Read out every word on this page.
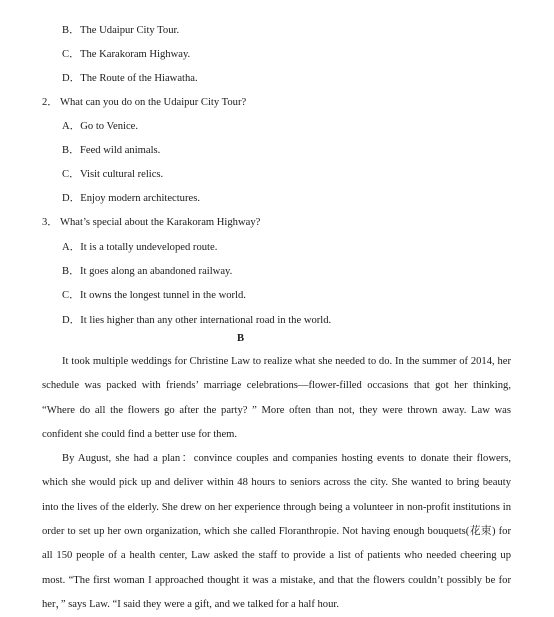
B．The Udaipur City Tour.
C．The Karakoram Highway.
D．The Route of the Hiawatha.
2． What can you do on the Udaipur City Tour?
A．Go to Venice.
B．Feed wild animals.
C．Visit cultural relics.
D．Enjoy modern architectures.
3． What’s special about the Karakoram Highway?
A．It is a totally undeveloped route.
B．It goes along an abandoned railway.
C．It owns the longest tunnel in the world.
D．It lies higher than any other international road in the world.
B

It took multiple weddings for Christine Law to realize what she needed to do. In the summer of 2014, her schedule was packed with friends’ marriage celebrations—flower-filled occasions that got her thinking, “Where do all the flowers go after the party? ” More often than not, they were thrown away. Law was confident she could find a better use for them.

By August, she had a plan：convince couples and companies hosting events to donate their flowers, which she would pick up and deliver within 48 hours to seniors across the city. She wanted to bring beauty into the lives of the elderly. She drew on her experience through being a volunteer in non-profit institutions in order to set up her own organization, which she called Floranthropie. Not having enough bouquets(花束) for all 150 people of a health center, Law asked the staff to provide a list of patients who needed cheering up most. “The first woman I approached thought it was a mistake, and that the flowers couldn’t possibly be for her，” says Law. “I said they were a gift, and we talked for a half hour.
